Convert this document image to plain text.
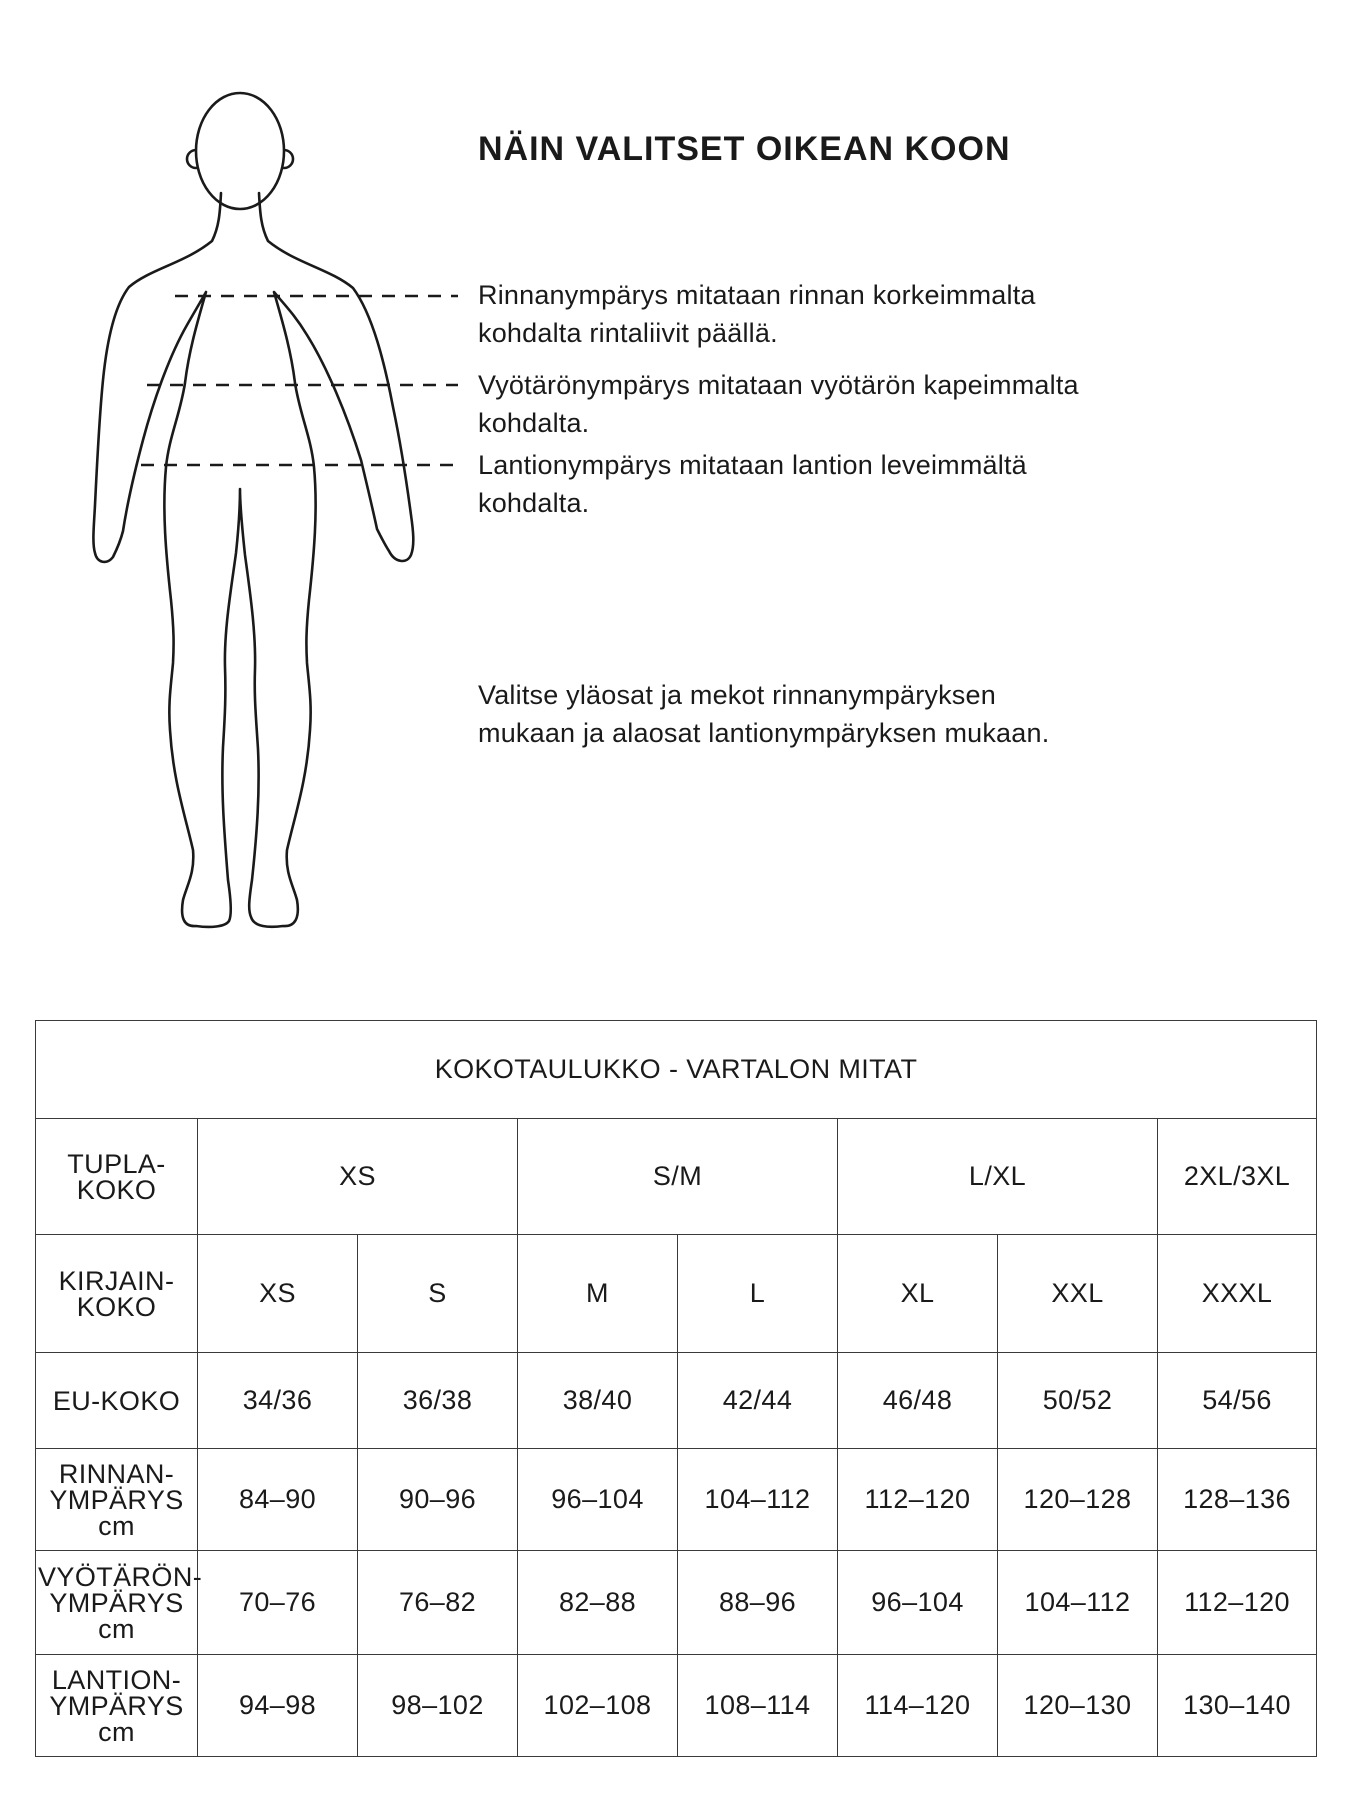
NÄIN VALITSET OIKEAN KOON
Rinnanympärys mitataan rinnan korkeimmalta kohdalta rintaliivit päällä.
Vyötärönympärys mitataan vyötärön kapeimmalta kohdalta.
Lantionympärys mitataan lantion leveimmältä kohdalta.
Valitse yläosat ja mekot rinnanympäryksen mukaan ja alaosat lantionympäryksen mukaan.
KOKOTAULUKKO - VARTALON MITAT							

TUPLA-
KOKO	XS		S/M		L/XL		2XL/3XL

KIRJAIN-
KOKO	XS	S	M	L	XL	XXL	XXXL

EU-KOKO	34/36	36/38	38/40	42/44	46/48	50/52	54/56

RINNAN-
YMPÄRYS
cm	84–90	90–96	96–104	104–112	112–120	120–128	128–136

VYÖTÄRÖN-
YMPÄRYS
cm	70–76	76–82	82–88	88–96	96–104	104–112	112–120

LANTION-
YMPÄRYS
cm	94–98	98–102	102–108	108–114	114–120	120–130	130–140
